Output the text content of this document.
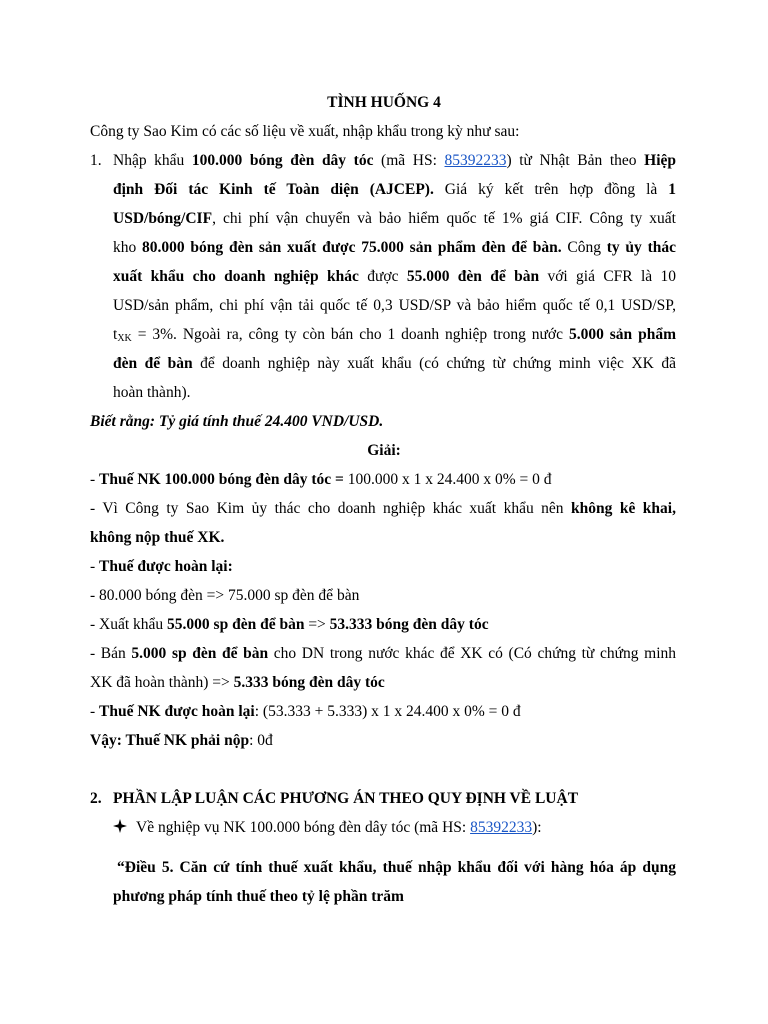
TÌNH HUỐNG 4
Công ty Sao Kim có các số liệu về xuất, nhập khẩu trong kỳ như sau:
1. Nhập khẩu 100.000 bóng đèn dây tóc (mã HS: 85392233) từ Nhật Bản theo Hiệp
định Đối tác Kinh tế Toàn diện (AJCEP). Giá ký kết trên hợp đồng là 1
USD/bóng/CIF, chi phí vận chuyển và bảo hiểm quốc tế 1% giá CIF. Công ty xuất
kho 80.000 bóng đèn sản xuất được 75.000 sản phẩm đèn để bàn. Công ty ủy thác
xuất khẩu cho doanh nghiệp khác được 55.000 đèn để bàn với giá CFR là 10
USD/sản phẩm, chi phí vận tải quốc tế 0,3 USD/SP và bảo hiểm quốc tế 0,1 USD/SP,
$t_{XK} = 3\%$. Ngoài ra, công ty còn bán cho 1 doanh nghiệp trong nước 5.000 sản phẩm
đèn để bàn để doanh nghiệp này xuất khẩu (có chứng từ chứng minh việc XK đã
hoàn thành).
Biết rằng: Tỷ giá tính thuế 24.400 VND/USD.
Giải:
- Thuế NK 100.000 bóng đèn dây tóc = 100.000 x 1 x 24.400 x 0% = 0 đ
- Vì Công ty Sao Kim ủy thác cho doanh nghiệp khác xuất khẩu nên không kê khai,
không nộp thuế XK.
- Thuế được hoàn lại:
- 80.000 bóng đèn => 75.000 sp đèn để bàn
- Xuất khẩu 55.000 sp đèn để bàn => 53.333 bóng đèn dây tóc
- Bán 5.000 sp đèn để bàn cho DN trong nước khác để XK có (Có chứng từ chứng minh
XK đã hoàn thành) => 5.333 bóng đèn dây tóc
- Thuế NK được hoàn lại: (53.333 + 5.333) x 1 x 24.400 x 0% = 0 đ
Vậy: Thuế NK phải nộp: 0đ
2. PHẦN LẬP LUẬN CÁC PHƯƠNG ÁN THEO QUY ĐỊNH VỀ LUẬT
Về nghiệp vụ NK 100.000 bóng đèn dây tóc (mã HS: 85392233):
“Điều 5. Căn cứ tính thuế xuất khẩu, thuế nhập khẩu đối với hàng hóa áp dụng
phương pháp tính thuế theo tỷ lệ phần trăm
